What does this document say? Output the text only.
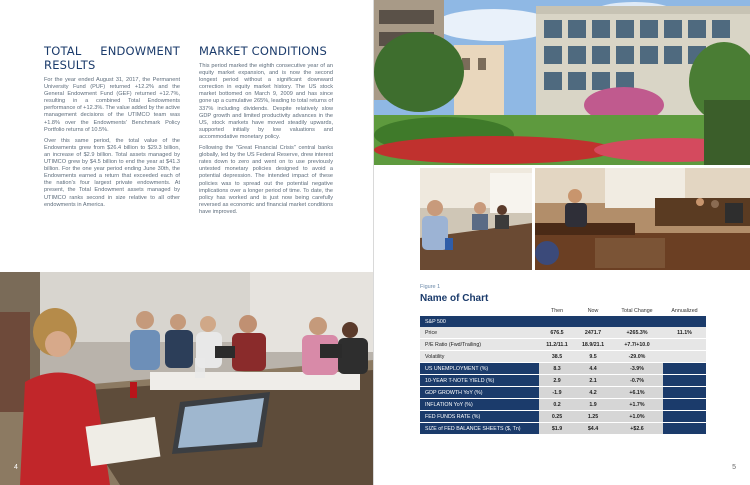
TOTAL ENDOWMENT RESULTS

For the year ended August 31, 2017, the Permanent University Fund (PUF) returned +12.2% and the General Endowment Fund (GEF) returned +12.7%, resulting in a combined Total Endowments performance of +12.3%. The value added by the active management decisions of the UTIMCO team was +1.8% over the Endowments' Benchmark Policy Portfolio returns of 10.5%.

Over this same period, the total value of the Endowments grew from $26.4 billion to $29.3 billion, an increase of $2.9 billion. Total assets managed by UTIMCO grew by $4.5 billion to end the year at $41.3 billion. For the one year period ending June 30th, the Endowments earned a return that exceeded each of the nation's four largest private endowments. At present, the Total Endowment assets managed by UTIMCO ranks second in size relative to all other endowments in America.

MARKET CONDITIONS

This period marked the eighth consecutive year of an equity market expansion, and is now the second longest period without a significant downward correction in equity market history. The US stock market bottomed on March 9, 2009 and has since gone up a cumulative 265%, leading to total returns of 337% including dividends. Despite relatively slow GDP growth and limited productivity advances in the US, stock markets have moved steadily upwards, supported initially by low valuations and accommodative monetary policy.

Following the "Great Financial Crisis" central banks globally, led by the US Federal Reserve, drew interest rates down to zero and went on to use previously untested monetary policies designed to avoid a potential depression. The intended impact of these policies was to spread out the potential negative implications over a longer period of time. To date, the policy has worked and is just now being carefully reversed as economic and financial market conditions have improved.

4
Figure 1
Name of Chart
	Then	Now	Total Change	Annualized
S&P 500				
Price	676.5	2471.7	+265.3%	11.1%
P/E Ratio (Fwd/Trailing)	11.2/11.1	18.9/21.1	+7.7/+10.0	
Volatility	38.5	9.5	-29.0%	
US UNEMPLOYMENT (%)	8.3	4.4	-3.9%	
10-YEAR T-NOTE YIELD (%)	2.9	2.1	-0.7%	
GDP GROWTH YoY (%)	-1.9	4.2	+6.1%	
INFLATION YoY (%)	0.2	1.9	+1.7%	
FED FUNDS RATE (%)	0.25	1.25	+1.0%	
SIZE of FED BALANCE SHEETS ($, Tn)	$1.9	$4.4	+$2.6	
5
